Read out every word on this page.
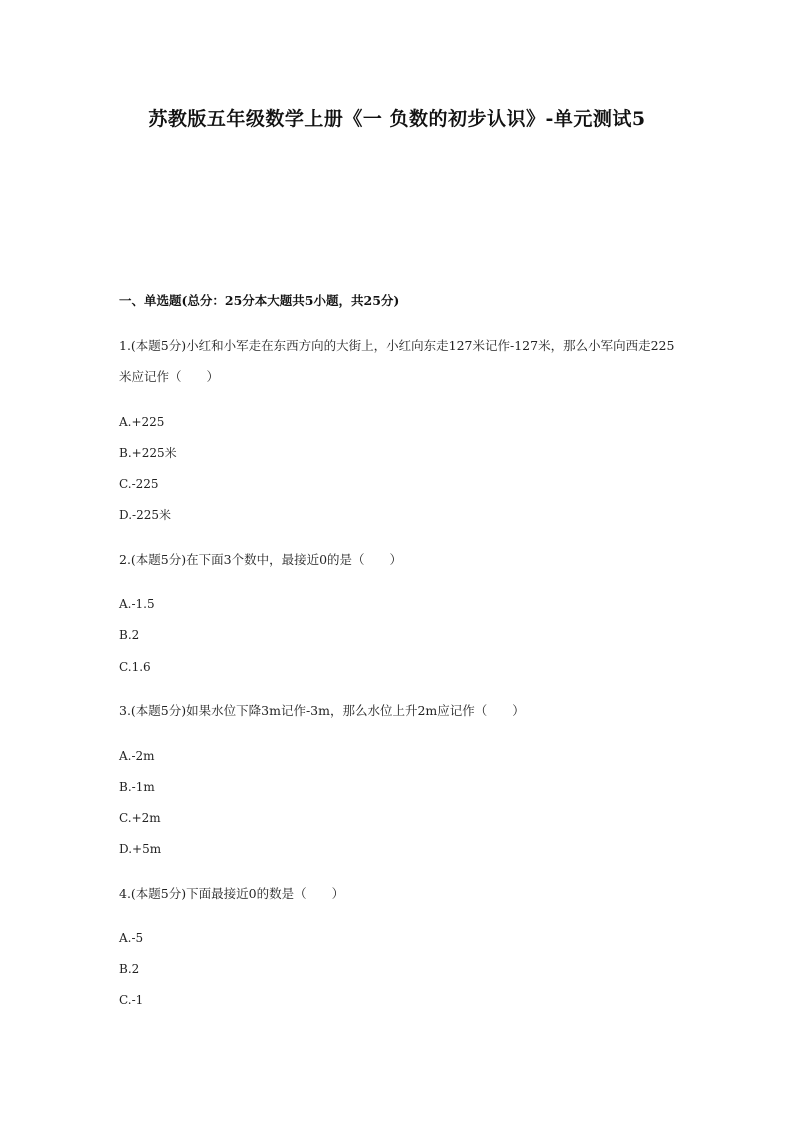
苏教版五年级数学上册《一 负数的初步认识》-单元测试5
一、单选题(总分：25分本大题共5小题，共25分)
1.(本题5分)小红和小军走在东西方向的大街上，小红向东走127米记作-127米，那么小军向西走225米应记作（　　）
A.+225
B.+225米
C.-225
D.-225米
2.(本题5分)在下面3个数中，最接近0的是（　　）
A.-1.5
B.2
C.1.6
3.(本题5分)如果水位下降3m记作-3m，那么水位上升2m应记作（　　）
A.-2m
B.-1m
C.+2m
D.+5m
4.(本题5分)下面最接近0的数是（　　）
A.-5
B.2
C.-1
